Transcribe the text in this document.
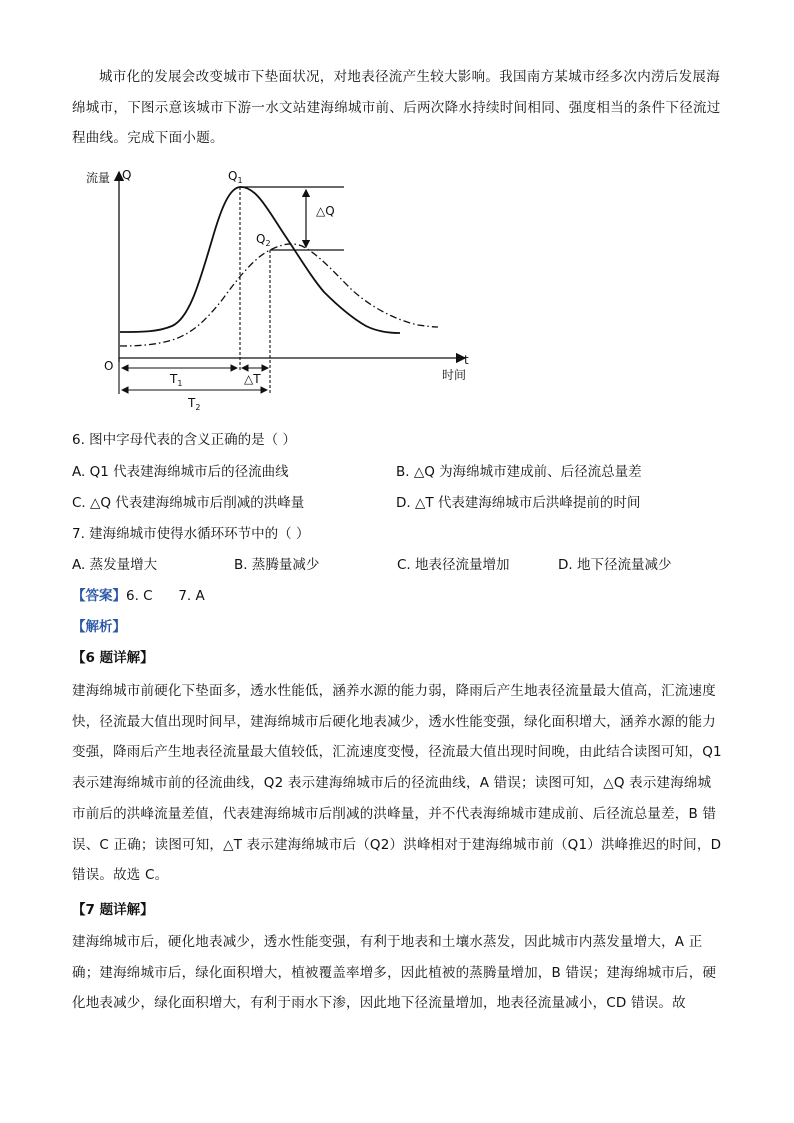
城市化的发展会改变城市下垫面状况，对地表径流产生较大影响。我国南方某城市经多次内涝后发展海绵城市，下图示意该城市下游一水文站建海绵城市前、后两次降水持续时间相同、强度相当的条件下径流过程曲线。完成下面小题。
流量 Q
t
时间
O
△Q
$Q_1$
$Q_2$
$T_1$	△T
$T_2$
6. 图中字母代表的含义正确的是（ ）
A. Q1 代表建海绵城市后的径流曲线	B. △Q 为海绵城市建成前、后径流总量差
C. △Q 代表建海绵城市后削减的洪峰量	D. △T 代表建海绵城市后洪峰提前的时间
7. 建海绵城市使得水循环环节中的（ ）
A. 蒸发量增大	B. 蒸腾量减少	C. 地表径流量增加	D. 地下径流量减少
【答案】6. C      7. A
【解析】
【6 题详解】
建海绵城市前硬化下垫面多，透水性能低，涵养水源的能力弱，降雨后产生地表径流量最大值高，汇流速度快，径流最大值出现时间早，建海绵城市后硬化地表减少，透水性能变强，绿化面积增大，涵养水源的能力变强，降雨后产生地表径流量最大值较低，汇流速度变慢，径流最大值出现时间晚，由此结合读图可知，Q1 表示建海绵城市前的径流曲线，Q2 表示建海绵城市后的径流曲线，A 错误；读图可知，△Q 表示建海绵城市前后的洪峰流量差值，代表建海绵城市后削减的洪峰量，并不代表海绵城市建成前、后径流总量差，B 错误、C 正确；读图可知，△T 表示建海绵城市后（Q2）洪峰相对于建海绵城市前（Q1）洪峰推迟的时间，D 错误。故选 C。
【7 题详解】
建海绵城市后，硬化地表减少，透水性能变强，有利于地表和土壤水蒸发，因此城市内蒸发量增大，A 正确；建海绵城市后，绿化面积增大，植被覆盖率增多，因此植被的蒸腾量增加，B 错误；建海绵城市后，硬化地表减少，绿化面积增大，有利于雨水下渗，因此地下径流量增加，地表径流量减小，CD 错误。故
